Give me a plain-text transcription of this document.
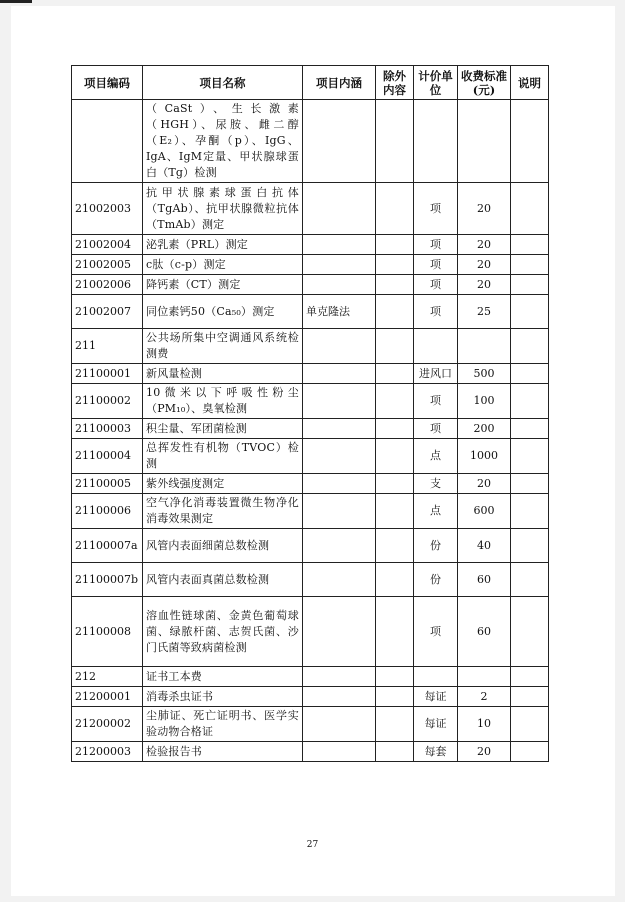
项目编码	项目名称	项目内涵	除外内容	计价单位	收费标准(元)	说明
	（CaSt）、生长激素（HGH）、尿胺、雌二醇（E₂）、孕酮（p）、IgG、IgA、IgM定量、甲状腺球蛋白（Tg）检测					
21002003	抗甲状腺素球蛋白抗体（TgAb）、抗甲状腺微粒抗体（TmAb）测定			项	20	
21002004	泌乳素（PRL）测定			项	20	
21002005	c肽（c-p）测定			项	20	
21002006	降钙素（CT）测定			项	20	
21002007	同位素钙50（Ca₅₀）测定	单克隆法		项	25	
211	公共场所集中空调通风系统检测费					
21100001	新风量检测			进风口	500	
21100002	10微米以下呼吸性粉尘（PM₁₀）、臭氧检测			项	100	
21100003	积尘量、军团菌检测			项	200	
21100004	总挥发性有机物（TVOC）检测			点	1000	
21100005	紫外线强度测定			支	20	
21100006	空气净化消毒装置微生物净化消毒效果测定			点	600	
21100007a	风管内表面细菌总数检测			份	40	
21100007b	风管内表面真菌总数检测			份	60	
21100008	溶血性链球菌、金黄色葡萄球菌、绿脓杆菌、志贺氏菌、沙门氏菌等致病菌检测			项	60	
212	证书工本费					
21200001	消毒杀虫证书			每证	2	
21200002	尘肺证、死亡证明书、医学实验动物合格证			每证	10	
21200003	检验报告书			每套	20	
27
